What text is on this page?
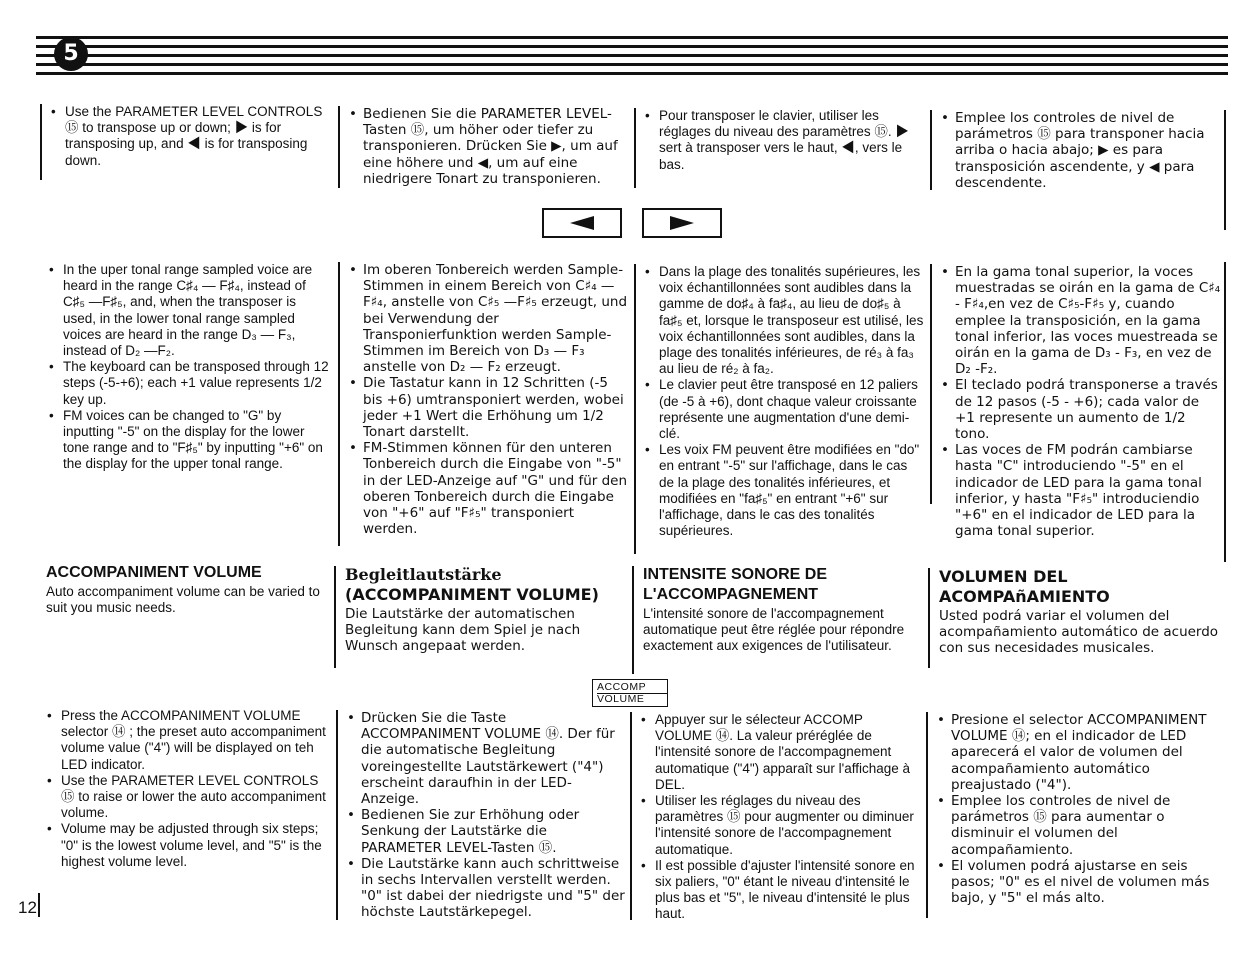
5
• Use the PARAMETER LEVEL CONTROLS ⑮ to transpose up or down; ▶ is for transposing up, and ◀ is for transposing down.
• Bedienen Sie die PARAMETER LEVEL-Tasten ⑮, um höher oder tiefer zu transponieren. Drücken Sie ▶, um auf eine höhere und ◀, um auf eine niedrigere Tonart zu transponieren.
• Pour transposer le clavier, utiliser les réglages du niveau des paramètres ⑮. ▶ sert à transposer vers le haut, ◀, vers le bas.
• Emplee los controles de nivel de parámetros ⑮ para transponer hacia arriba o hacia abajo; ▶ es para transposición ascendente, y ◀ para descendente.
• In the uper tonal range sampled voice are heard in the range C♯₄ — F♯₄, instead of C♯₅ —F♯₅, and, when the transposer is used, in the lower tonal range sampled voices are heard in the range D₃ — F₃, instead of D₂ —F₂.
• The keyboard can be transposed through 12 steps (-5-+6); each +1 value represents 1/2 key up.
• FM voices can be changed to "G" by inputting "-5" on the display for the lower tone range and to "F♯₅" by inputting "+6" on the display for the upper tonal range.
• Im oberen Tonbereich werden Sample-Stimmen in einem Bereich von C♯₄ — F♯₄, anstelle von C♯₅ —F♯₅ erzeugt, und bei Verwendung der Transponierfunktion werden Sample-Stimmen im Bereich von D₃ — F₃ anstelle von D₂ — F₂ erzeugt.
• Die Tastatur kann in 12 Schritten (-5 bis +6) umtransponiert werden, wobei jeder +1 Wert die Erhöhung um 1/2 Tonart darstellt.
• FM-Stimmen können für den unteren Tonbereich durch die Eingabe von "-5" in der LED-Anzeige auf "G" und für den oberen Tonbereich durch die Eingabe von "+6" auf "F♯₅" transponiert werden.
• Dans la plage des tonalités supérieures, les voix échantillonnées sont audibles dans la gamme de do♯₄ à fa♯₄, au lieu de do♯₅ à fa♯₅ et, lorsque le transposeur est utilisé, les voix échantillonnées sont audibles, dans la plage des tonalités inférieures, de ré₃ à fa₃ au lieu de ré₂ à fa₂.
• Le clavier peut être transposé en 12 paliers (de -5 à +6), dont chaque valeur croissante représente une augmentation d'une demi-clé.
• Les voix FM peuvent être modifiées en "do" en entrant "-5" sur l'affichage, dans le cas de la plage des tonalités inférieures, et modifiées en "fa♯₅" en entrant "+6" sur l'affichage, dans le cas des tonalités supérieures.
• En la gama tonal superior, la voces muestradas se oirán en la gama de C♯₄ - F♯₄,en vez de C♯₅-F♯₅ y, cuando emplee la transposición, en la gama tonal inferior, las voces muestreada se oirán en la gama de D₃ - F₃, en vez de D₂ -F₂.
• El teclado podrá transponerse a través de 12 pasos (-5 - +6); cada valor de +1 represente un aumento de 1/2 tono.
• Las voces de FM podrán cambiarse hasta "C" introduciendo "-5" en el indicador de LED para la gama tonal inferior, y hasta "F♯₅" introduciendio "+6" en el indicador de LED para la gama tonal superior.
ACCOMPANIMENT VOLUME
Auto accompaniment volume can be varied to suit you music needs.
Begleitlautstärke
(ACCOMPANIMENT VOLUME)
Die Lautstärke der automatischen Begleitung kann dem Spiel je nach Wunsch angepaat werden.
INTENSITE SONORE DE
L'ACCOMPAGNEMENT
L'intensité sonore de l'accompagnement automatique peut être réglée pour répondre exactement aux exigences de l'utilisateur.
VOLUMEN DEL
ACOMPAñAMIENTO
Usted podrá variar el volumen del acompañamiento automático de acuerdo con sus necesidades musicales.
ACCOMP
VOLUME
• Press the ACCOMPANIMENT VOLUME selector ⑭ ; the preset auto accompaniment volume value ("4") will be displayed on teh LED indicator.
• Use the PARAMETER LEVEL CONTROLS ⑮ to raise or lower the auto accompaniment volume.
• Volume may be adjusted through six steps; "0" is the lowest volume level, and "5" is the highest volume level.
• Drücken Sie die Taste ACCOMPANIMENT VOLUME ⑭. Der für die automatische Begleitung voreingestellte Lautstärkewert ("4") erscheint daraufhin in der LED-Anzeige.
• Bedienen Sie zur Erhöhung oder Senkung der Lautstärke die PARAMETER LEVEL-Tasten ⑮.
• Die Lautstärke kann auch schrittweise in sechs Intervallen verstellt werden. "0" ist dabei der niedrigste und "5" der höchste Lautstärkepegel.
• Appuyer sur le sélecteur ACCOMP VOLUME ⑭. La valeur préréglée de l'intensité sonore de l'accompagnement automatique ("4") apparaît sur l'affichage à DEL.
• Utiliser les réglages du niveau des paramètres ⑮ pour augmenter ou diminuer l'intensité sonore de l'accompagnement automatique.
• Il est possible d'ajuster l'intensité sonore en six paliers, "0" étant le niveau d'intensité le plus bas et "5", le niveau d'intensité le plus haut.
• Presione el selector ACCOMPANIMENT VOLUME ⑭; en el indicador de LED aparecerá el valor de volumen del acompañamiento automático preajustado ("4").
• Emplee los controles de nivel de parámetros ⑮ para aumentar o disminuir el volumen del acompañamiento.
• El volumen podrá ajustarse en seis pasos; "0" es el nivel de volumen más bajo, y "5" el más alto.
12
